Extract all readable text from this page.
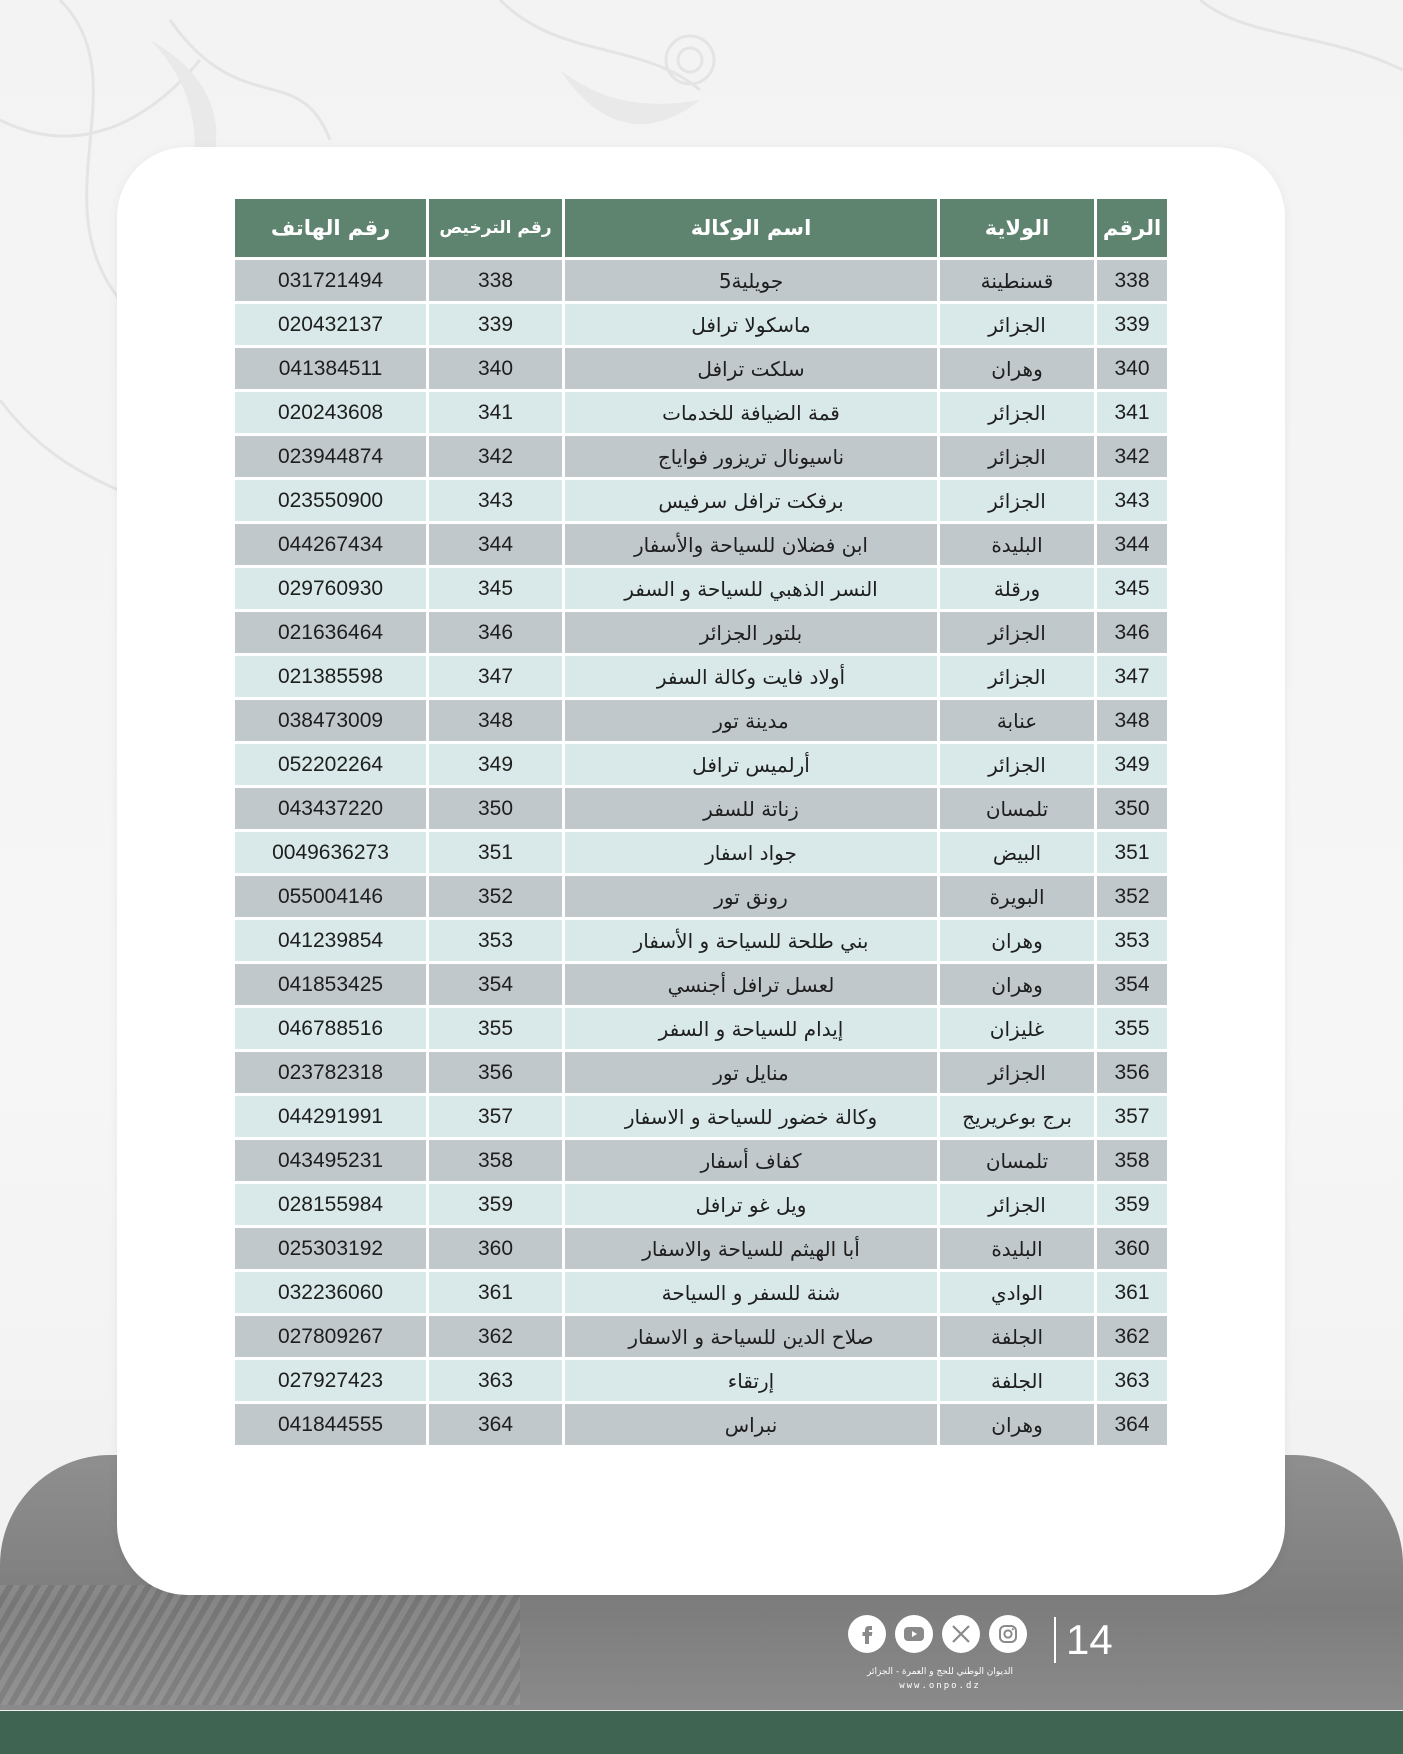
الرقم	الولاية	اسم الوكالة	رقم الترخيص	رقم الهاتف
338	قسنطينة	جويلية5	338	031721494
339	الجزائر	ماسكولا ترافل	339	020432137
340	وهران	سلكت ترافل	340	041384511
341	الجزائر	قمة الضيافة للخدمات	341	020243608
342	الجزائر	ناسيونال تريزور فواياج	342	023944874
343	الجزائر	برفكت ترافل سرفيس	343	023550900
344	البليدة	ابن فضلان للسياحة والأسفار	344	044267434
345	ورقلة	النسر الذهبي للسياحة و السفر	345	029760930
346	الجزائر	بلتور الجزائر	346	021636464
347	الجزائر	أولاد فايت وكالة السفر	347	021385598
348	عنابة	مدينة تور	348	038473009
349	الجزائر	أرلميس ترافل	349	052202264
350	تلمسان	زناتة للسفر	350	043437220
351	البيض	جواد اسفار	351	0049636273
352	البويرة	رونق تور	352	055004146
353	وهران	بني طلحة للسياحة و الأسفار	353	041239854
354	وهران	لعسل ترافل أجنسي	354	041853425
355	غليزان	إيدام للسياحة و السفر	355	046788516
356	الجزائر	منايل تور	356	023782318
357	برج بوعريريج	وكالة خضور للسياحة و الاسفار	357	044291991
358	تلمسان	كفاف أسفار	358	043495231
359	الجزائر	ويل غو ترافل	359	028155984
360	البليدة	أبا الهيثم للسياحة والاسفار	360	025303192
361	الوادي	شنة للسفر و السياحة	361	032236060
362	الجلفة	صلاح الدين للسياحة و الاسفار	362	027809267
363	الجلفة	إرتقاء	363	027927423
364	وهران	نبراس	364	041844555
14
الديوان الوطني للحج و العمرة - الجزائر
www.onpo.dz
